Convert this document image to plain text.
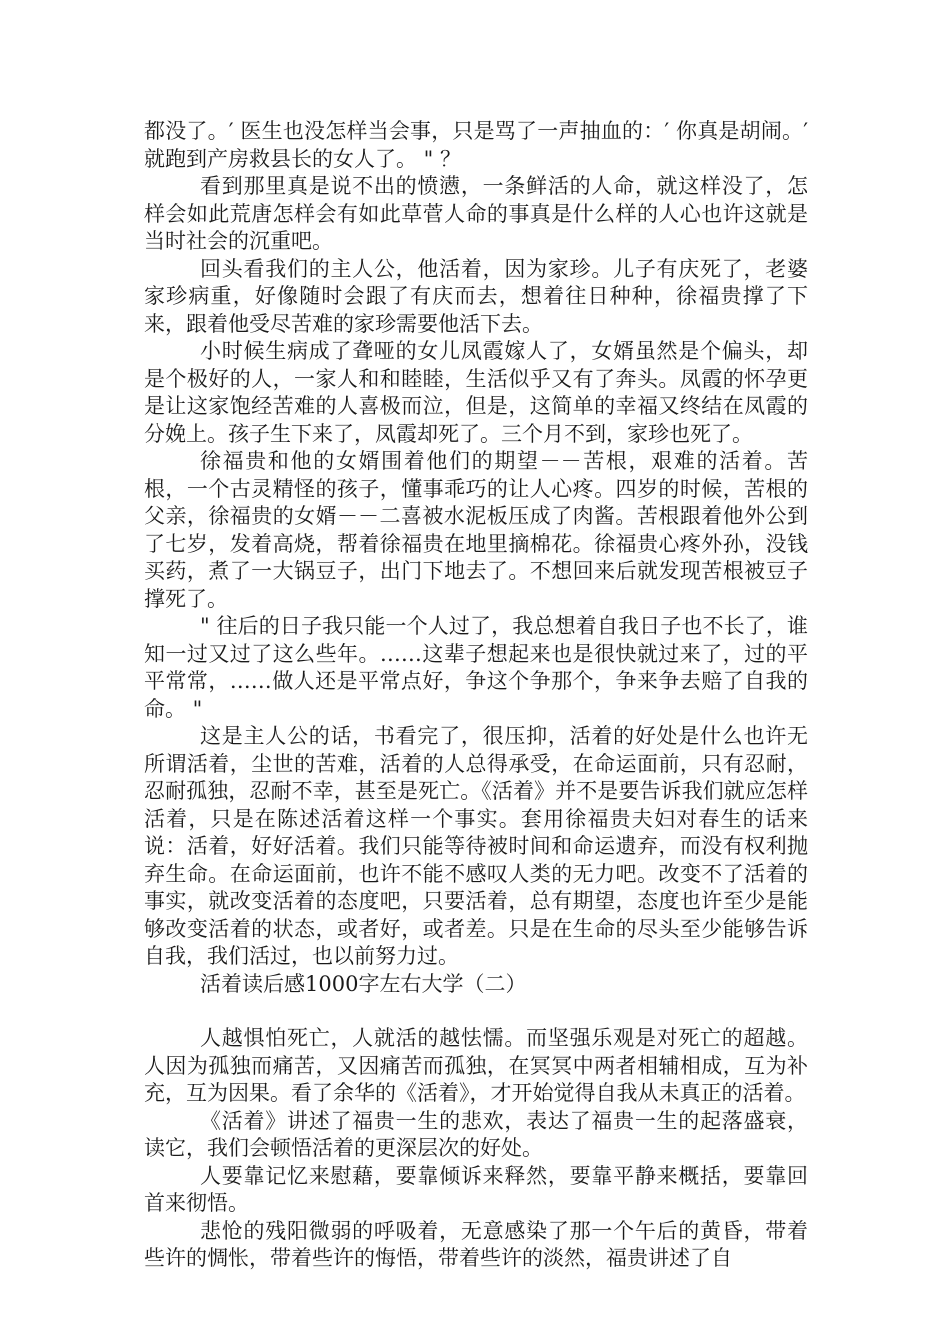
都没了。′ 医生也没怎样当会事，只是骂了一声抽血的：′ 你真是胡闹。′ 就跑到产房救县长的女人了。 " ？

看到那里真是说不出的愤懑，一条鲜活的人命，就这样没了，怎样会如此荒唐怎样会有如此草菅人命的事真是什么样的人心也许这就是当时社会的沉重吧。

回头看我们的主人公，他活着，因为家珍。儿子有庆死了，老婆家珍病重，好像随时会跟了有庆而去，想着往日种种，徐福贵撑了下来，跟着他受尽苦难的家珍需要他活下去。

小时候生病成了聋哑的女儿凤霞嫁人了，女婿虽然是个偏头，却是个极好的人，一家人和和睦睦，生活似乎又有了奔头。凤霞的怀孕更是让这家饱经苦难的人喜极而泣，但是，这简单的幸福又终结在凤霞的分娩上。孩子生下来了，凤霞却死了。三个月不到，家珍也死了。

徐福贵和他的女婿围着他们的期望－－苦根，艰难的活着。苦根，一个古灵精怪的孩子，懂事乖巧的让人心疼。四岁的时候，苦根的父亲，徐福贵的女婿－－二喜被水泥板压成了肉酱。苦根跟着他外公到了七岁，发着高烧，帮着徐福贵在地里摘棉花。徐福贵心疼外孙，没钱买药，煮了一大锅豆子，出门下地去了。不想回来后就发现苦根被豆子撑死了。

" 往后的日子我只能一个人过了，我总想着自我日子也不长了，谁知一过又过了这么些年。……这辈子想起来也是很快就过来了，过的平平常常，……做人还是平常点好，争这个争那个，争来争去赔了自我的命。 "

这是主人公的话，书看完了，很压抑，活着的好处是什么也许无所谓活着，尘世的苦难，活着的人总得承受，在命运面前，只有忍耐，忍耐孤独，忍耐不幸，甚至是死亡。《活着》并不是要告诉我们就应怎样活着，只是在陈述活着这样一个事实。套用徐福贵夫妇对春生的话来说：活着，好好活着。我们只能等待被时间和命运遗弃，而没有权利抛弃生命。在命运面前，也许不能不感叹人类的无力吧。改变不了活着的事实，就改变活着的态度吧，只要活着，总有期望，态度也许至少是能够改变活着的状态，或者好，或者差。只是在生命的尽头至少能够告诉自我，我们活过，也以前努力过。

活着读后感1000字左右大学（二）

人越惧怕死亡，人就活的越怯懦。而坚强乐观是对死亡的超越。人因为孤独而痛苦，又因痛苦而孤独，在冥冥中两者相辅相成，互为补充，互为因果。看了余华的《活着》，才开始觉得自我从未真正的活着。

《活着》讲述了福贵一生的悲欢，表达了福贵一生的起落盛衰，读它，我们会顿悟活着的更深层次的好处。

人要靠记忆来慰藉，要靠倾诉来释然，要靠平静来概括，要靠回首来彻悟。

悲怆的残阳微弱的呼吸着，无意感染了那一个午后的黄昏，带着些许的惆怅，带着些许的悔悟，带着些许的淡然，福贵讲述了自
